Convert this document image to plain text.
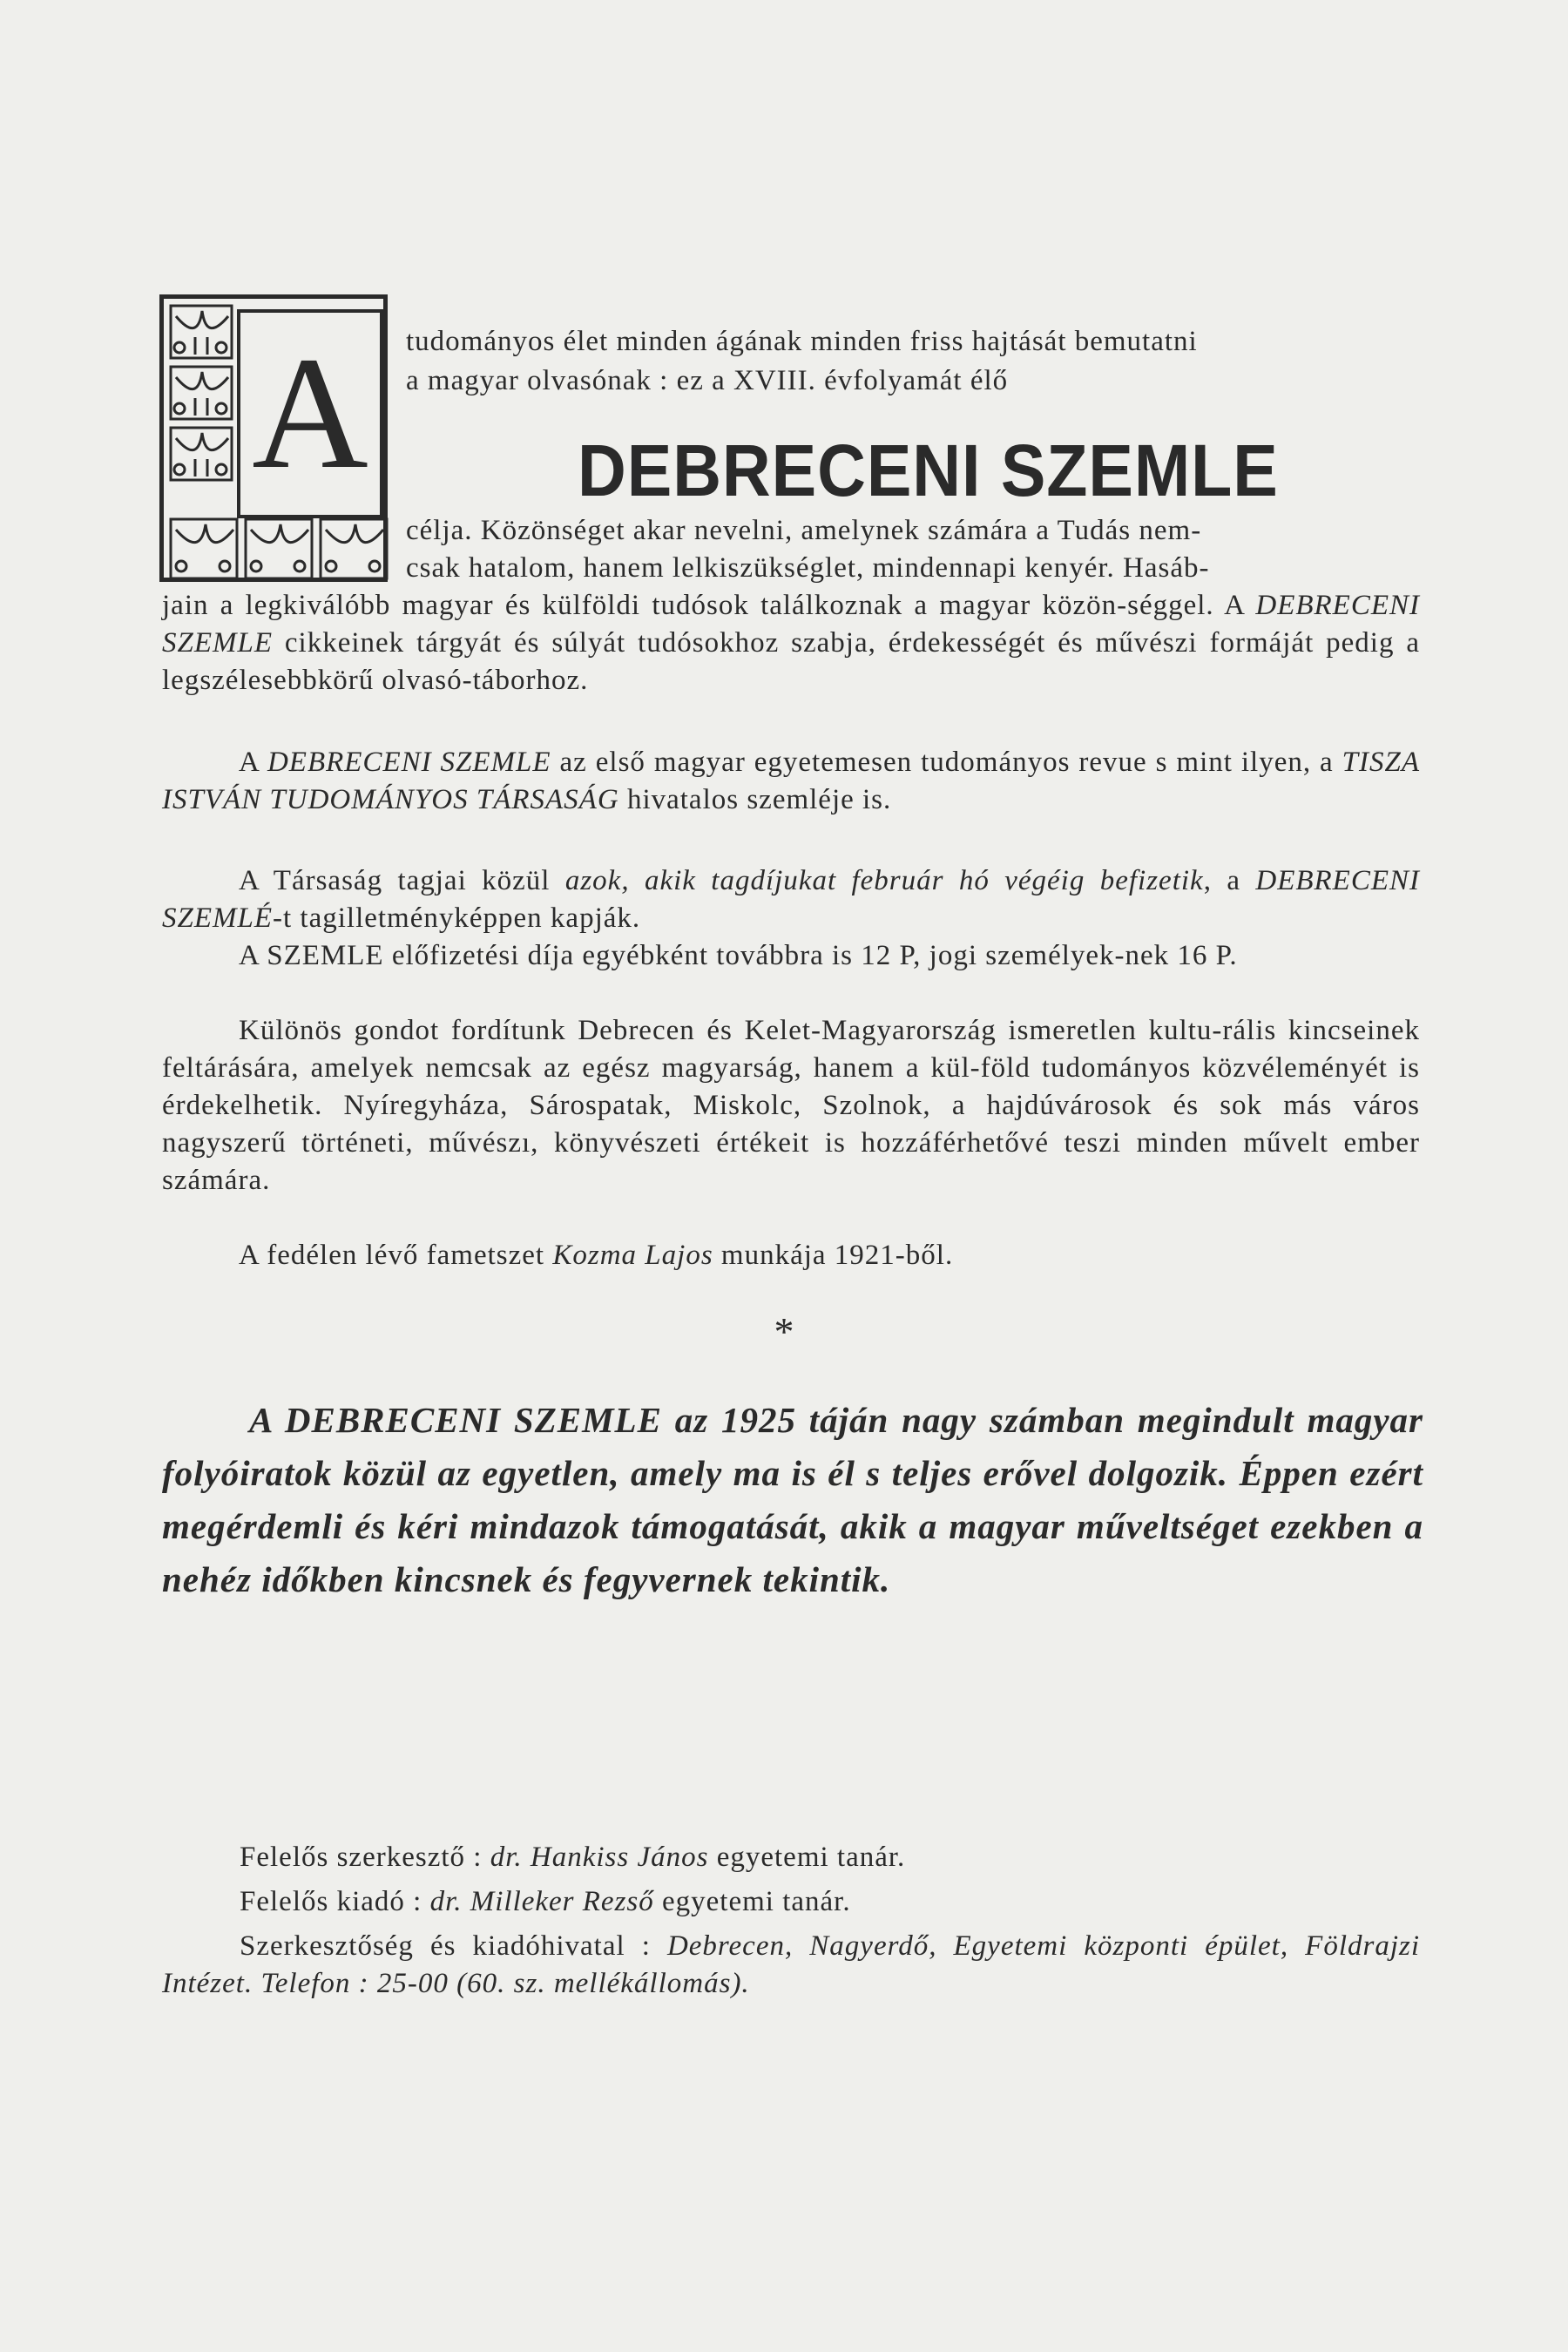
A	tudományos élet minden ágának minden friss hajtását bemutatni
a magyar olvasónak : ez a XVIII. évfolyamát élő

DEBRECENI SZEMLE

célja. Közönséget akar nevelni, amelynek számára a Tudás nem-
csak hatalom, hanem lelkiszükséglet, mindennapi kenyér. Hasáb-

jain a legkiválóbb magyar és külföldi tudósok találkoznak a magyar közön-séggel. A DEBRECENI SZEMLE cikkeinek tárgyát és súlyát tudósokhoz szabja, érdekességét és művészi formáját pedig a legszélesebbkörű olvasó-táborhoz.

A DEBRECENI SZEMLE az első magyar egyetemesen tudományos revue s mint ilyen, a TISZA ISTVÁN TUDOMÁNYOS TÁRSASÁG hivatalos szemléje is.

A Társaság tagjai közül azok, akik tagdíjukat február hó végéig befizetik, a DEBRECENI SZEMLÉ-t tagilletményképpen kapják.

A SZEMLE előfizetési díja egyébként továbbra is 12 P, jogi személyek-nek 16 P.

Különös gondot fordítunk Debrecen és Kelet-Magyarország ismeretlen kultu-rális kincseinek feltárására, amelyek nemcsak az egész magyarság, hanem a kül-föld tudományos közvéleményét is érdekelhetik. Nyíregyháza, Sárospatak, Miskolc, Szolnok, a hajdúvárosok és sok más város nagyszerű történeti, művészı, könyvészeti értékeit is hozzáférhetővé teszi minden művelt ember számára.

A fedélen lévő fametszet Kozma Lajos munkája 1921-ből.

*

A DEBRECENI SZEMLE az 1925 táján nagy számban megindult magyar folyóiratok közül az egyetlen, amely ma is él s teljes erővel dolgozik. Éppen ezért megérdemli és kéri mindazok támogatását, akik a magyar műveltséget ezekben a nehéz időkben kincsnek és fegyvernek tekintik.

Felelős szerkesztő : dr. Hankiss János egyetemi tanár.

Felelős kiadó : dr. Milleker Rezső egyetemi tanár.

Szerkesztőség és kiadóhivatal : Debrecen, Nagyerdő, Egyetemi központi épület, Földrajzi Intézet. Telefon : 25-00 (60. sz. mellékállomás).
